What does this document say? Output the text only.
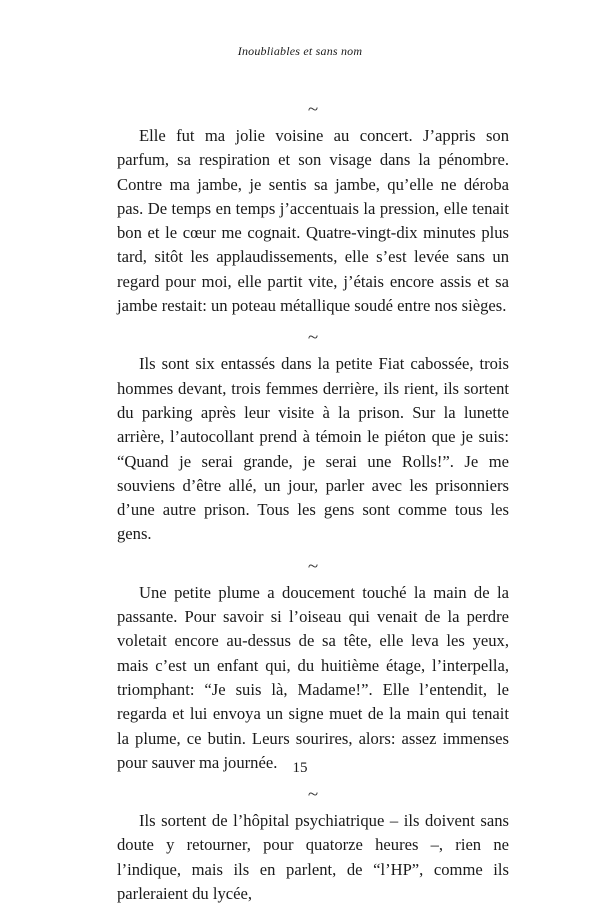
Inoubliables et sans nom
~

Elle fut ma jolie voisine au concert. J’appris son parfum, sa respiration et son visage dans la pénombre. Contre ma jambe, je sentis sa jambe, qu’elle ne déroba pas. De temps en temps j’accentuais la pression, elle tenait bon et le cœur me cognait. Quatre-vingt-dix minutes plus tard, sitôt les applaudissements, elle s’est levée sans un regard pour moi, elle partit vite, j’étais encore assis et sa jambe restait: un poteau métallique soudé entre nos sièges.

~

Ils sont six entassés dans la petite Fiat cabossée, trois hommes devant, trois femmes derrière, ils rient, ils sortent du parking après leur visite à la prison. Sur la lunette arrière, l’autocollant prend à témoin le piéton que je suis: “Quand je serai grande, je serai une Rolls!”. Je me souviens d’être allé, un jour, parler avec les prisonniers d’une autre prison. Tous les gens sont comme tous les gens.

~

Une petite plume a doucement touché la main de la passante. Pour savoir si l’oiseau qui venait de la perdre voletait encore au-dessus de sa tête, elle leva les yeux, mais c’est un enfant qui, du huitième étage, l’interpella, triomphant: “Je suis là, Madame!”. Elle l’entendit, le regarda et lui envoya un signe muet de la main qui tenait la plume, ce butin. Leurs sourires, alors: assez immenses pour sauver ma journée.

~

Ils sortent de l’hôpital psychiatrique – ils doivent sans doute y retourner, pour quatorze heures –, rien ne l’indique, mais ils en parlent, de “l’HP”, comme ils parleraient du lycée,

15
